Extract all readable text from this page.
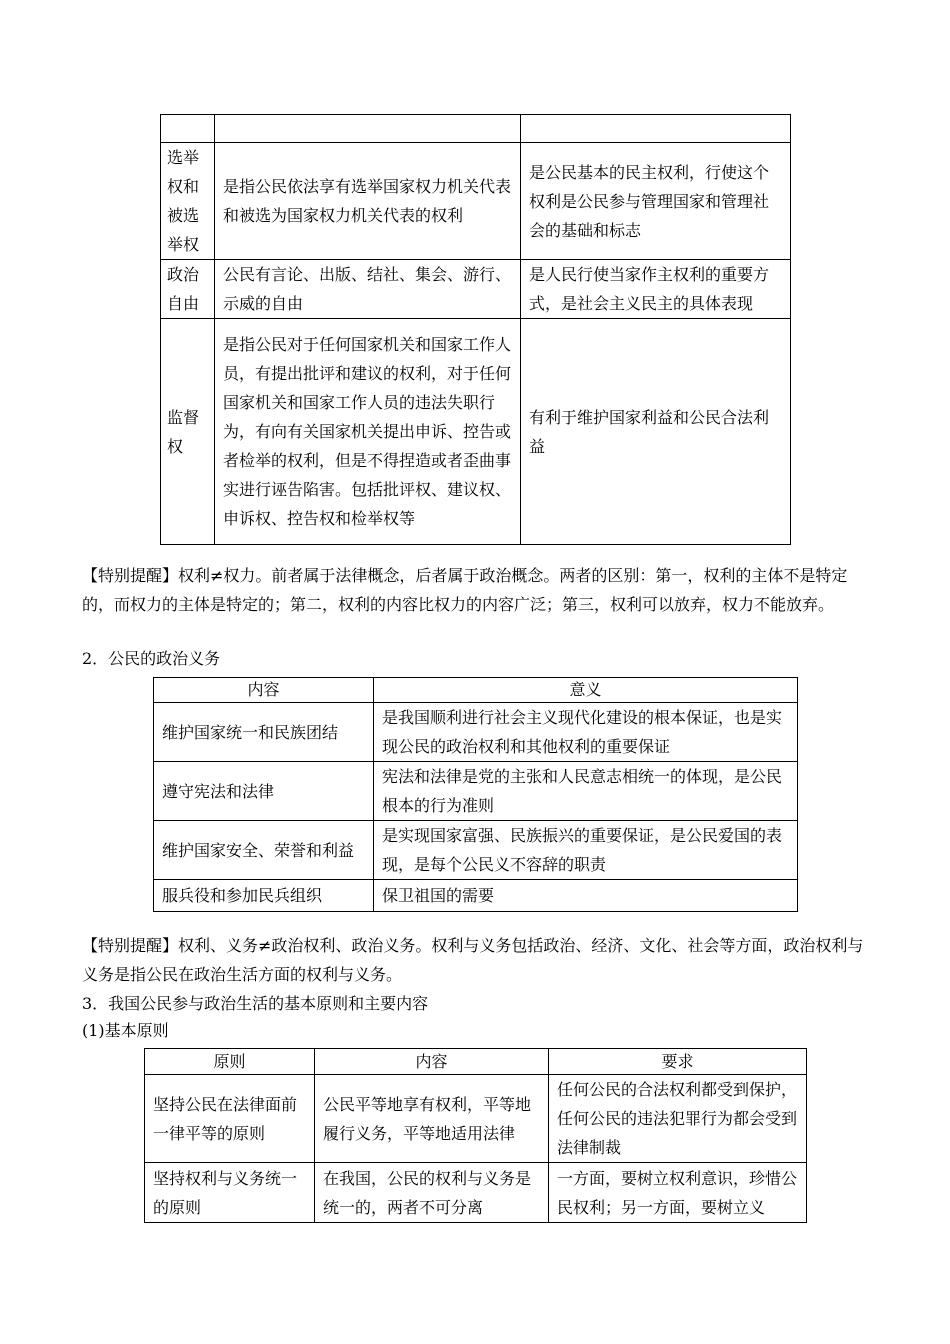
选举权和被选举权	是指公民依法享有选举国家权力机关代表和被选为国家权力机关代表的权利	是公民基本的民主权利，行使这个权利是公民参与管理国家和管理社会的基础和标志
政治自由	公民有言论、出版、结社、集会、游行、示威的自由	是人民行使当家作主权利的重要方式，是社会主义民主的具体表现
监督权	是指公民对于任何国家机关和国家工作人员，有提出批评和建议的权利，对于任何国家机关和国家工作人员的违法失职行为，有向有关国家机关提出申诉、控告或者检举的权利，但是不得捏造或者歪曲事实进行诬告陷害。包括批评权、建议权、申诉权、控告权和检举权等	有利于维护国家利益和公民合法利益
【特别提醒】权利≠权力。前者属于法律概念，后者属于政治概念。两者的区别：第一，权利的主体不是特定的，而权力的主体是特定的；第二，权利的内容比权力的内容广泛；第三，权利可以放弃，权力不能放弃。
2．公民的政治义务
内容	意义
维护国家统一和民族团结	是我国顺利进行社会主义现代化建设的根本保证，也是实现公民的政治权利和其他权利的重要保证
遵守宪法和法律	宪法和法律是党的主张和人民意志相统一的体现，是公民根本的行为准则
维护国家安全、荣誉和利益	是实现国家富强、民族振兴的重要保证，是公民爱国的表现，是每个公民义不容辞的职责
服兵役和参加民兵组织	保卫祖国的需要
【特别提醒】权利、义务≠政治权利、政治义务。权利与义务包括政治、经济、文化、社会等方面，政治权利与义务是指公民在政治生活方面的权利与义务。
3．我国公民参与政治生活的基本原则和主要内容
(1)基本原则
原则	内容	要求
坚持公民在法律面前一律平等的原则	公民平等地享有权利，平等地履行义务，平等地适用法律	任何公民的合法权利都受到保护，任何公民的违法犯罪行为都会受到法律制裁
坚持权利与义务统一的原则	在我国，公民的权利与义务是统一的，两者不可分离	一方面，要树立权利意识，珍惜公民权利；另一方面，要树立义
